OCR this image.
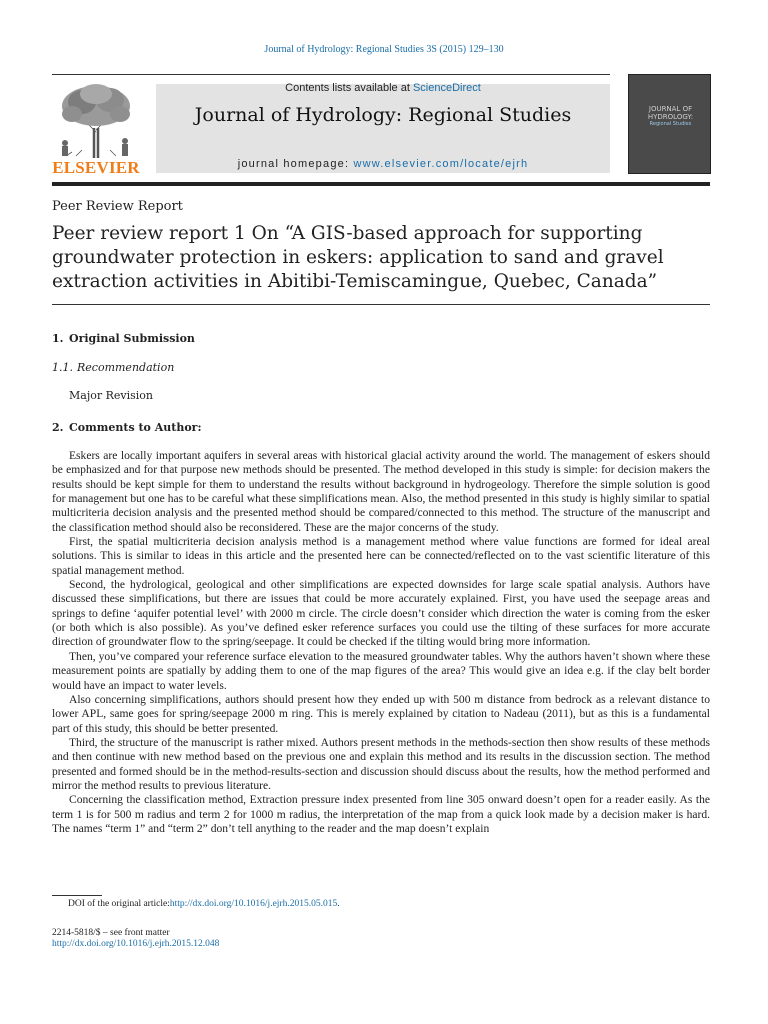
Journal of Hydrology: Regional Studies 3S (2015) 129–130
ELSEVIER
Contents lists available at ScienceDirect
Journal of Hydrology: Regional Studies
journal homepage: www.elsevier.com/locate/ejrh
JOURNAL OF HYDROLOGY:
Regional Studies
Peer Review Report
Peer review report 1 On “A GIS-based approach for supporting groundwater protection in eskers: application to sand and gravel extraction activities in Abitibi-Temiscamingue, Quebec, Canada”
1. Original Submission
1.1. Recommendation
Major Revision
2. Comments to Author:

Eskers are locally important aquifers in several areas with historical glacial activity around the world. The management of eskers should be emphasized and for that purpose new methods should be presented. The method developed in this study is simple: for decision makers the results should be kept simple for them to understand the results without background in hydrogeology. Therefore the simple solution is good for management but one has to be careful what these simplifications mean. Also, the method presented in this study is highly similar to spatial multicriteria decision analysis and the presented method should be compared/connected to this method. The structure of the manuscript and the classification method should also be reconsidered. These are the major concerns of the study.

First, the spatial multicriteria decision analysis method is a management method where value functions are formed for ideal areal solutions. This is similar to ideas in this article and the presented here can be connected/reflected on to the vast scientific literature of this spatial management method.

Second, the hydrological, geological and other simplifications are expected downsides for large scale spatial analysis. Authors have discussed these simplifications, but there are issues that could be more accurately explained. First, you have used the seepage areas and springs to define ‘aquifer potential level’ with 2000 m circle. The circle doesn’t consider which direction the water is coming from the esker (or both which is also possible). As you’ve defined esker reference surfaces you could use the tilting of these surfaces for more accurate direction of groundwater flow to the spring/seepage. It could be checked if the tilting would bring more information.

Then, you’ve compared your reference surface elevation to the measured groundwater tables. Why the authors haven’t shown where these measurement points are spatially by adding them to one of the map figures of the area? This would give an idea e.g. if the clay belt border would have an impact to water levels.

Also concerning simplifications, authors should present how they ended up with 500 m distance from bedrock as a relevant distance to lower APL, same goes for spring/seepage 2000 m ring. This is merely explained by citation to Nadeau (2011), but as this is a fundamental part of this study, this should be better presented.

Third, the structure of the manuscript is rather mixed. Authors present methods in the methods-section then show results of these methods and then continue with new method based on the previous one and explain this method and its results in the discussion section. The method presented and formed should be in the method-results-section and discussion should discuss about the results, how the method performed and mirror the method results to previous literature.

Concerning the classification method, Extraction pressure index presented from line 305 onward doesn’t open for a reader easily. As the term 1 is for 500 m radius and term 2 for 1000 m radius, the interpretation of the map from a quick look made by a decision maker is hard. The names “term 1” and “term 2” don’t tell anything to the reader and the map doesn’t explain

DOI of the original article:http://dx.doi.org/10.1016/j.ejrh.2015.05.015.
2214-5818/$ – see front matter
http://dx.doi.org/10.1016/j.ejrh.2015.12.048
